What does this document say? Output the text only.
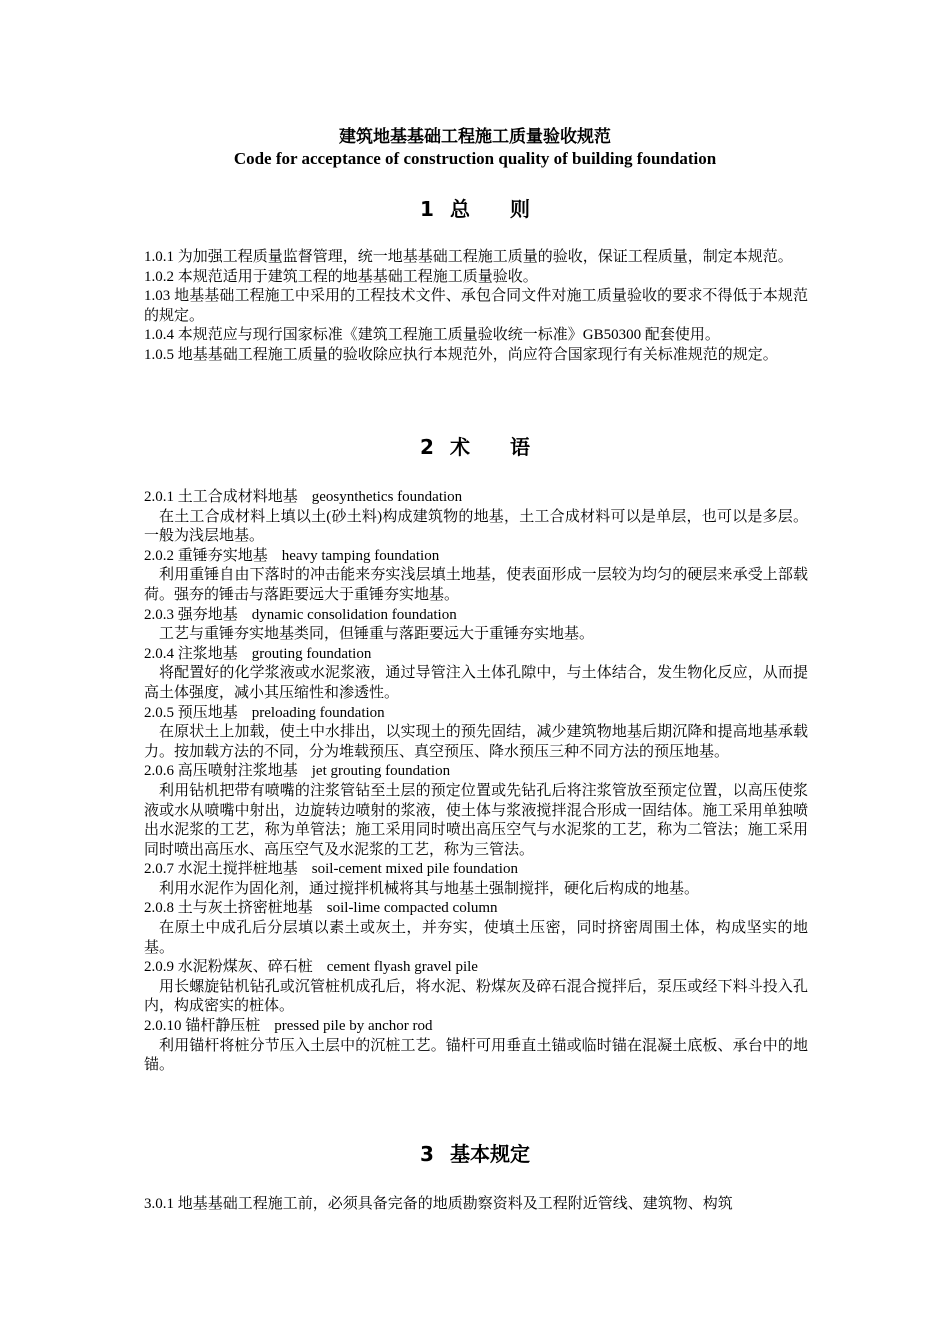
建筑地基基础工程施工质量验收规范
Code for acceptance of construction quality of building foundation
1 总　　则

1.0.1 为加强工程质量监督管理，统一地基基础工程施工质量的验收，保证工程质量，制定本规范。

1.0.2 本规范适用于建筑工程的地基基础工程施工质量验收。

1.03 地基基础工程施工中采用的工程技术文件、承包合同文件对施工质量验收的要求不得低于本规范的规定。

1.0.4 本规范应与现行国家标准《建筑工程施工质量验收统一标准》GB50300 配套使用。

1.0.5 地基基础工程施工质量的验收除应执行本规范外，尚应符合国家现行有关标准规范的规定。

2 术　　语

2.0.1 土工合成材料地基 geosynthetics foundation

在土工合成材料上填以土(砂土料)构成建筑物的地基，土工合成材料可以是单层，也可以是多层。一般为浅层地基。

2.0.2 重锤夯实地基 heavy tamping foundation

利用重锤自由下落时的冲击能来夯实浅层填土地基，使表面形成一层较为均匀的硬层来承受上部载荷。强夯的锤击与落距要远大于重锤夯实地基。

2.0.3 强夯地基 dynamic consolidation foundation

工艺与重锤夯实地基类同，但锤重与落距要远大于重锤夯实地基。

2.0.4 注浆地基 grouting foundation

将配置好的化学浆液或水泥浆液，通过导管注入土体孔隙中，与土体结合，发生物化反应，从而提高土体强度，减小其压缩性和渗透性。

2.0.5 预压地基 preloading foundation

在原状土上加载，使土中水排出，以实现土的预先固结，减少建筑物地基后期沉降和提高地基承载力。按加载方法的不同，分为堆载预压、真空预压、降水预压三种不同方法的预压地基。

2.0.6 高压喷射注浆地基 jet grouting foundation

利用钻机把带有喷嘴的注浆管钻至土层的预定位置或先钻孔后将注浆管放至预定位置，以高压使浆液或水从喷嘴中射出，边旋转边喷射的浆液，使土体与浆液搅拌混合形成一固结体。施工采用单独喷出水泥浆的工艺，称为单管法；施工采用同时喷出高压空气与水泥浆的工艺，称为二管法；施工采用同时喷出高压水、高压空气及水泥浆的工艺，称为三管法。

2.0.7 水泥土搅拌桩地基 soil-cement mixed pile foundation

利用水泥作为固化剂，通过搅拌机械将其与地基土强制搅拌，硬化后构成的地基。

2.0.8 土与灰土挤密桩地基 soil-lime compacted column

在原土中成孔后分层填以素土或灰土，并夯实，使填土压密，同时挤密周围土体，构成坚实的地基。

2.0.9 水泥粉煤灰、碎石桩 cement flyash gravel pile

用长螺旋钻机钻孔或沉管桩机成孔后，将水泥、粉煤灰及碎石混合搅拌后，泵压或经下料斗投入孔内，构成密实的桩体。

2.0.10 锚杆静压桩 pressed pile by anchor rod

利用锚杆将桩分节压入土层中的沉桩工艺。锚杆可用垂直土锚或临时锚在混凝土底板、承台中的地锚。

3 基本规定

3.0.1 地基基础工程施工前，必须具备完备的地质勘察资料及工程附近管线、建筑物、构筑
